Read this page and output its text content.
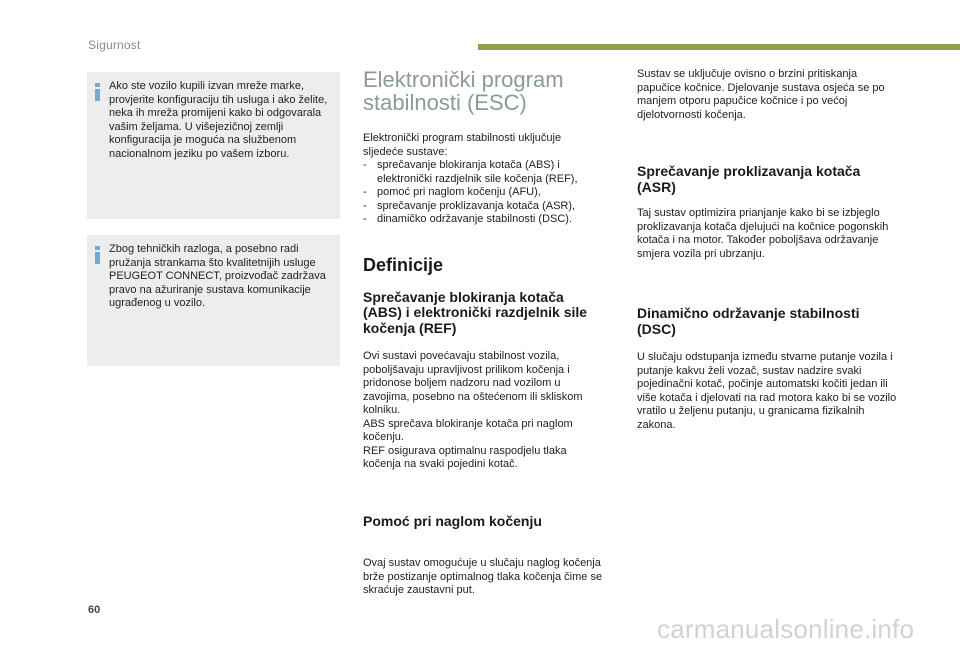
Sigurnost
Ako ste vozilo kupili izvan mreže marke, provjerite konfiguraciju tih usluga i ako želite, neka ih mreža promijeni kako bi odgovarala vašim željama. U višejezičnoj zemlji konfiguracija je moguća na službenom nacionalnom jeziku po vašem izboru.
Zbog tehničkih razloga, a posebno radi pružanja strankama što kvalitetnijih usluge PEUGEOT CONNECT, proizvođač zadržava pravo na ažuriranje sustava komunikacije ugrađenog u vozilo.
Elektronički program stabilnosti (ESC)

Elektronički program stabilnosti uključuje sljedeće sustave:

- sprečavanje blokiranja kotača (ABS) i elektronički razdjelnik sile kočenja (REF),
- pomoć pri naglom kočenju (AFU),
- sprečavanje proklizavanja kotača (ASR),
- dinamičko održavanje stabilnosti (DSC).
Definicije
Sprečavanje blokiranja kotača (ABS) i elektronički razdjelnik sile kočenja (REF)

Ovi sustavi povećavaju stabilnost vozila, poboljšavaju upravljivost prilikom kočenja i pridonose boljem nadzoru nad vozilom u zavojima, posebno na oštećenom ili skliskom kolniku.

ABS sprečava blokiranje kotača pri naglom kočenju.

REF osigurava optimalnu raspodjelu tlaka kočenja na svaki pojedini kotač.

Pomoć pri naglom kočenju

Ovaj sustav omogućuje u slučaju naglog kočenja brže postizanje optimalnog tlaka kočenja čime se skraćuje zaustavni put.

Sustav se uključuje ovisno o brzini pritiskanja papučice kočnice. Djelovanje sustava osjeća se po manjem otporu papučice kočnice i po većoj djelotvornosti kočenja.

Sprečavanje proklizavanja kotača (ASR)

Taj sustav optimizira prianjanje kako bi se izbjeglo proklizavanja kotača djelujući na kočnice pogonskih kotača i na motor. Također poboljšava održavanje smjera vozila pri ubrzanju.

Dinamično održavanje stabilnosti (DSC)

U slučaju odstupanja između stvarne putanje vozila i putanje kakvu želi vozač, sustav nadzire svaki pojedinačni kotač, počinje automatski kočiti jedan ili više kotača i djelovati na rad motora kako bi se vozilo vratilo u željenu putanju, u granicama fizikalnih zakona.

60
carmanualsonline.info
